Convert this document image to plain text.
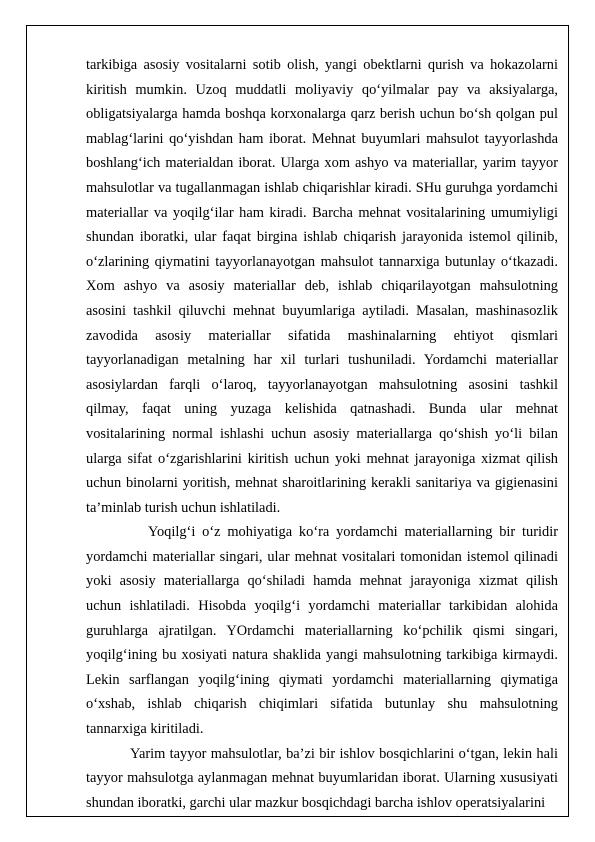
tarkibiga asosiy vositalarni sotib olish, yangi obektlarni qurish va hokazolarni kiritish mumkin. Uzoq muddatli moliyaviy qo‘yilmalar pay va aksiyalarga, obligatsiyalarga hamda boshqa korxonalarga qarz berish uchun bo‘sh qolgan pul mablag‘larini qo‘yishdan ham iborat. Mehnat buyumlari mahsulot tayyorlashda boshlang‘ich materialdan iborat. Ularga xom ashyo va materiallar, yarim tayyor mahsulotlar va tugallanmagan ishlab chiqarishlar kiradi. SHu guruhga yordamchi materiallar va yoqilg‘ilar ham kiradi. Barcha mehnat vositalarining umumiyligi shundan iboratki, ular faqat birgina ishlab chiqarish jarayonida istemol qilinib, o‘zlarining qiymatini tayyorlanayotgan mahsulot tannarxiga butunlay o‘tkazadi. Xom ashyo va asosiy materiallar deb, ishlab chiqarilayotgan mahsulotning asosini tashkil qiluvchi mehnat buyumlariga aytiladi. Masalan, mashinasozlik zavodida asosiy materiallar sifatida mashinalarning ehtiyot qismlari tayyorlanadigan metalning har xil turlari tushuniladi. Yordamchi materiallar asosiylardan farqli o‘laroq, tayyorlanayotgan mahsulotning asosini tashkil qilmay, faqat uning yuzaga kelishida qatnashadi. Bunda ular mehnat vositalarining normal ishlashi uchun asosiy materiallarga qo‘shish yo‘li bilan ularga sifat o‘zgarishlarini kiritish uchun yoki mehnat jarayoniga xizmat qilish uchun binolarni yoritish, mehnat sharoitlarining kerakli sanitariya va gigienasini ta’minlab turish uchun ishlatiladi.

Yoqilg‘i o‘z mohiyatiga ko‘ra yordamchi materiallarning bir turidir yordamchi materiallar singari, ular mehnat vositalari tomonidan istemol qilinadi yoki asosiy materiallarga qo‘shiladi hamda mehnat jarayoniga xizmat qilish uchun ishlatiladi. Hisobda yoqilg‘i yordamchi materiallar tarkibidan alohida guruhlarga ajratilgan. YOrdamchi materiallarning ko‘pchilik qismi singari, yoqilg‘ining bu xosiyati natura shaklida yangi mahsulotning tarkibiga kirmaydi. Lekin sarflangan yoqilg‘ining qiymati yordamchi materiallarning qiymatiga o‘xshab, ishlab chiqarish chiqimlari sifatida butunlay shu mahsulotning tannarxiga kiritiladi.

Yarim tayyor mahsulotlar, ba’zi bir ishlov bosqichlarini o‘tgan, lekin hali tayyor mahsulotga aylanmagan mehnat buyumlaridan iborat. Ularning xususiyati shundan iboratki, garchi ular mazkur bosqichdagi barcha ishlov operatsiyalarini
